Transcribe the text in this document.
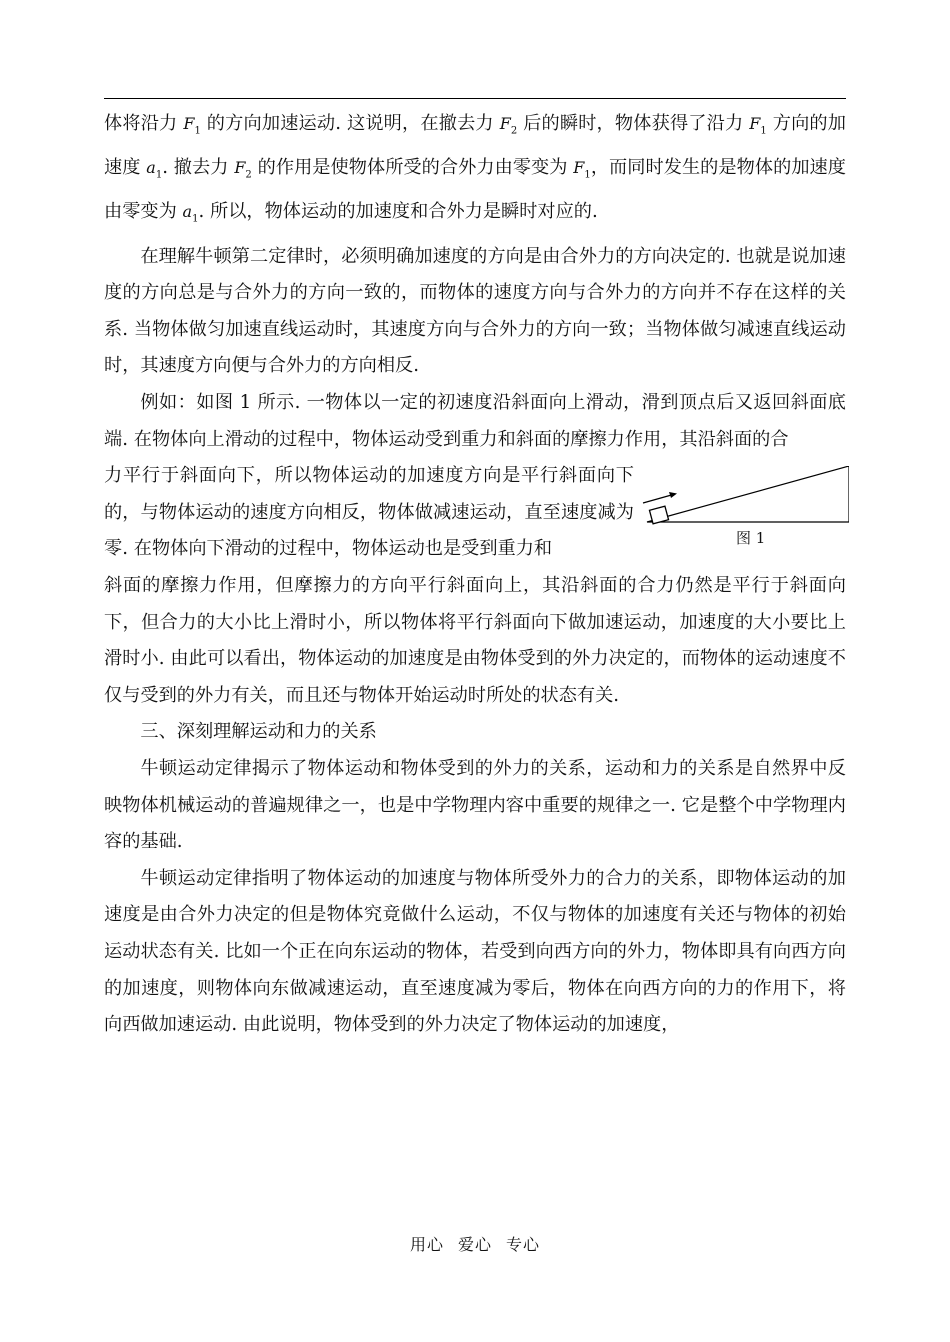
体将沿力 $F_1$ 的方向加速运动. 这说明，在撤去力 $F_2$ 后的瞬时，物体获得了沿力 $F_1$ 方向的加速度 $a_1$. 撤去力 $F_2$ 的作用是使物体所受的合外力由零变为 $F_1$，而同时发生的是物体的加速度由零变为 $a_1$. 所以，物体运动的加速度和合外力是瞬时对应的.

在理解牛顿第二定律时，必须明确加速度的方向是由合外力的方向决定的. 也就是说加速度的方向总是与合外力的方向一致的，而物体的速度方向与合外力的方向并不存在这样的关系. 当物体做匀加速直线运动时，其速度方向与合外力的方向一致；当物体做匀减速直线运动时，其速度方向便与合外力的方向相反.

例如：如图 1 所示. 一物体以一定的初速度沿斜面向上滑动，滑到顶点后又返回斜面底端. 在物体向上滑动的过程中，物体运动受到重力和斜面的摩擦力作用，其沿斜面的合

力平行于斜面向下，所以物体运动的加速度方向是平行斜面向下的，与物体运动的速度方向相反，物体做减速运动，直至速度减为零. 在物体向下滑动的过程中，物体运动也是受到重力和

图 1

斜面的摩擦力作用，但摩擦力的方向平行斜面向上，其沿斜面的合力仍然是平行于斜面向下，但合力的大小比上滑时小，所以物体将平行斜面向下做加速运动，加速度的大小要比上滑时小. 由此可以看出，物体运动的加速度是由物体受到的外力决定的，而物体的运动速度不仅与受到的外力有关，而且还与物体开始运动时所处的状态有关.

三、深刻理解运动和力的关系

牛顿运动定律揭示了物体运动和物体受到的外力的关系，运动和力的关系是自然界中反映物体机械运动的普遍规律之一，也是中学物理内容中重要的规律之一. 它是整个中学物理内容的基础.

牛顿运动定律指明了物体运动的加速度与物体所受外力的合力的关系，即物体运动的加速度是由合外力决定的但是物体究竟做什么运动，不仅与物体的加速度有关还与物体的初始运动状态有关. 比如一个正在向东运动的物体，若受到向西方向的外力，物体即具有向西方向的加速度，则物体向东做减速运动，直至速度减为零后，物体在向西方向的力的作用下，将向西做加速运动. 由此说明，物体受到的外力决定了物体运动的加速度，

用心 爱心 专心
